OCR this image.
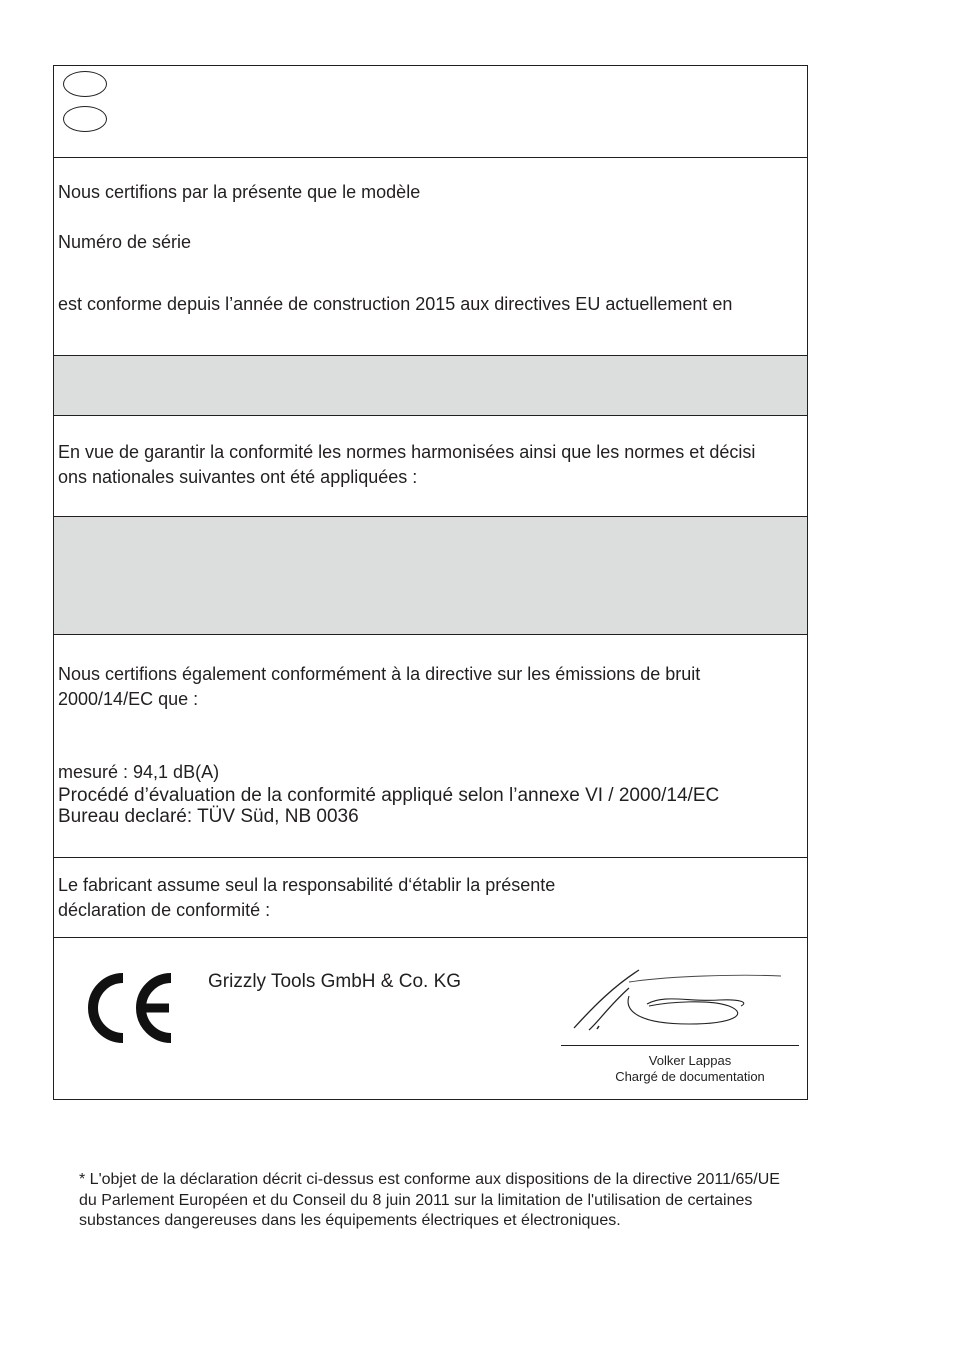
Nous certifions par la présente que le modèle
Numéro de série
est conforme depuis l’année de construction 2015 aux directives EU actuellement en
En vue de garantir la conformité les normes harmonisées ainsi que les normes et décisi
ons nationales suivantes ont été appliquées :
Nous certifions également conformément à la directive sur les émissions de bruit
2000/14/EC que :
mesuré : 94,1 dB(A)
Procédé d’évaluation de la conformité appliqué selon l’annexe VI / 2000/14/EC
Bureau declaré: TÜV Süd, NB 0036
Le fabricant assume seul la responsabilité d‘établir la présente
déclaration de conformité :
Grizzly Tools GmbH & Co. KG
Volker Lappas
Chargé de documentation
* L'objet de la déclaration décrit ci-dessus est conforme aux dispositions de la directive 2011/65/UE du Parlement Européen et du Conseil du 8 juin 2011 sur la limitation de l'utilisation de certaines substances dangereuses dans les équipements électriques et électroniques.
